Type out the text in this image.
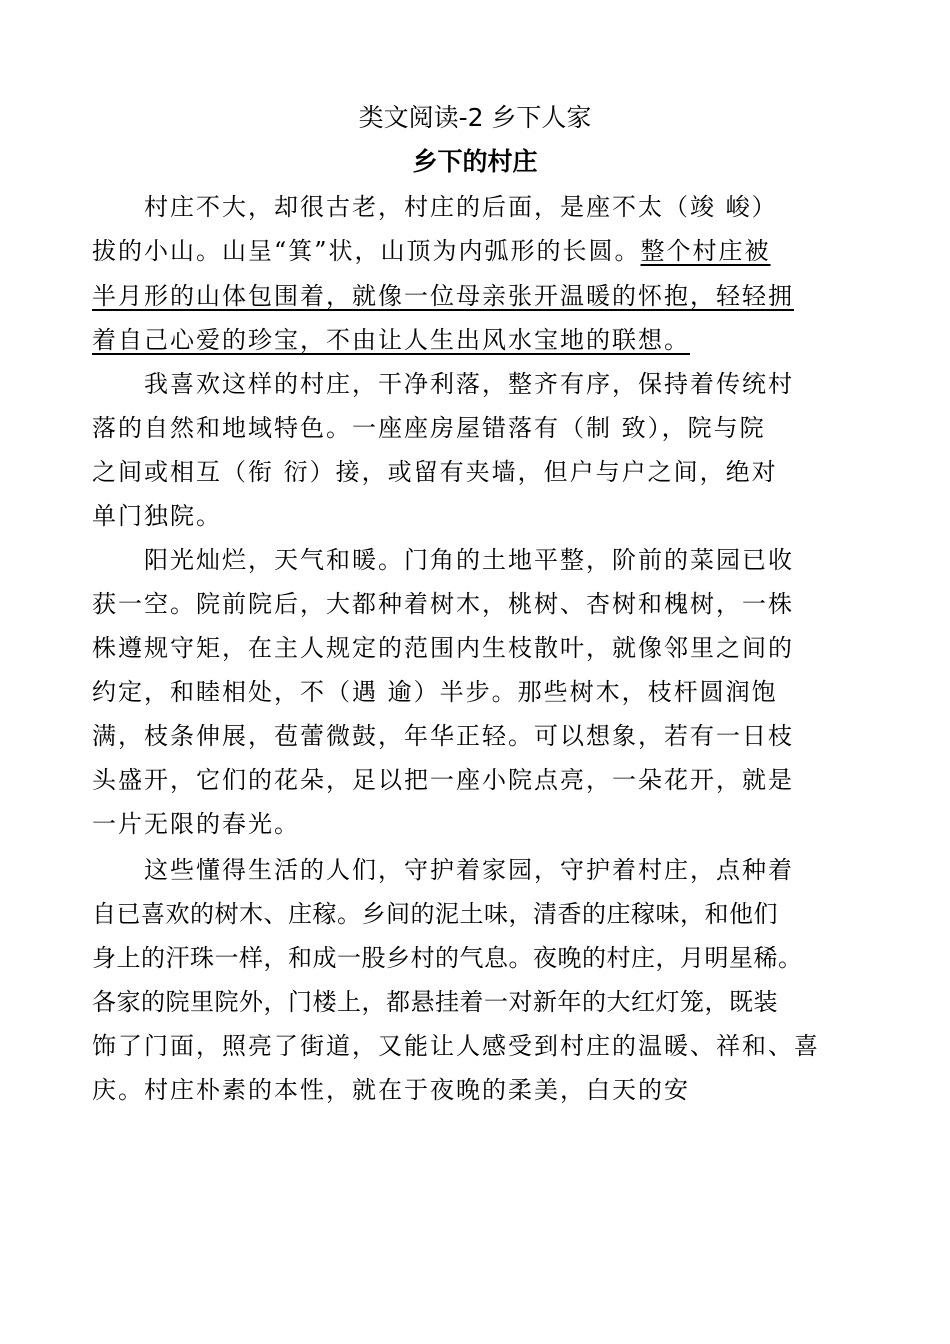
类文阅读-2 乡下人家
乡下的村庄
　　村庄不大，却很古老，村庄的后面，是座不太（竣 峻）
拔的小山。山呈“箕”状，山顶为内弧形的长圆。整个村庄被
半月形的山体包围着，就像一位母亲张开温暖的怀抱，轻轻拥
着自己心爱的珍宝，不由让人生出风水宝地的联想。
　　我喜欢这样的村庄，干净利落，整齐有序，保持着传统村
落的自然和地域特色。一座座房屋错落有（制 致），院与院
之间或相互（衔 衍）接，或留有夹墙，但户与户之间，绝对
单门独院。
　　阳光灿烂，天气和暖。门角的土地平整，阶前的菜园已收
获一空。院前院后，大都种着树木，桃树、杏树和槐树，一株
株遵规守矩，在主人规定的范围内生枝散叶，就像邻里之间的
约定，和睦相处，不（遇 逾）半步。那些树木，枝杆圆润饱
满，枝条伸展，苞蕾微鼓，年华正轻。可以想象，若有一日枝
头盛开，它们的花朵，足以把一座小院点亮，一朵花开，就是
一片无限的春光。
　　这些懂得生活的人们，守护着家园，守护着村庄，点种着
自已喜欢的树木、庄稼。乡间的泥土味，清香的庄稼味，和他们
身上的汗珠一样，和成一股乡村的气息。夜晚的村庄，月明星稀。
各家的院里院外，门楼上，都悬挂着一对新年的大红灯笼，既装
饰了门面，照亮了街道，又能让人感受到村庄的温暖、祥和、喜
庆。村庄朴素的本性，就在于夜晚的柔美，白天的安
